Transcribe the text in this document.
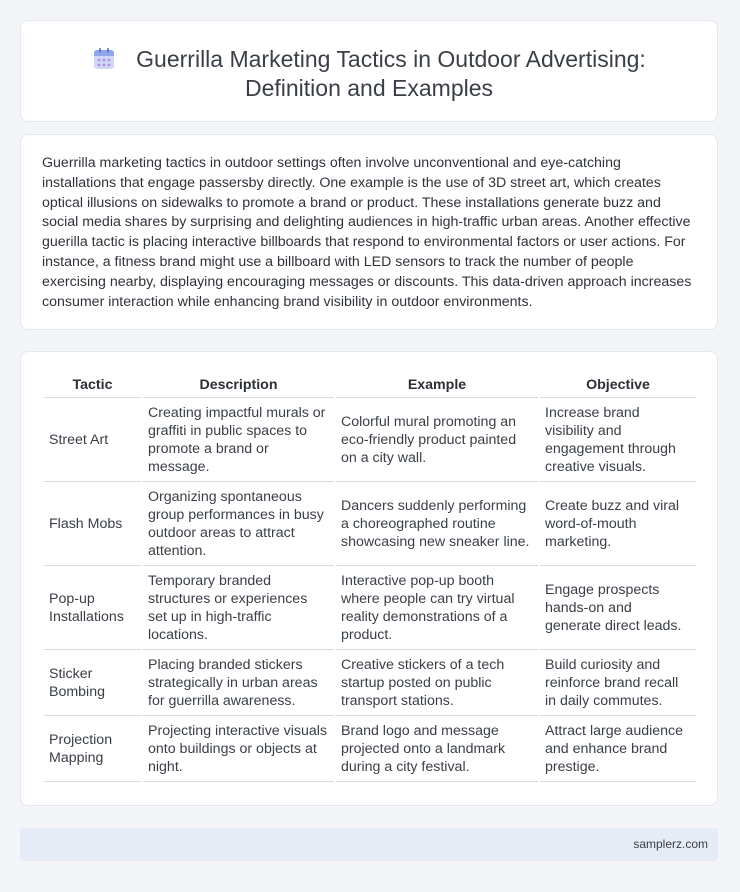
Guerrilla Marketing Tactics in Outdoor Advertising:
Definition and Examples
Guerrilla marketing tactics in outdoor settings often involve unconventional and eye-catching installations that engage passersby directly. One example is the use of 3D street art, which creates optical illusions on sidewalks to promote a brand or product. These installations generate buzz and social media shares by surprising and delighting audiences in high-traffic urban areas. Another effective guerilla tactic is placing interactive billboards that respond to environmental factors or user actions. For instance, a fitness brand might use a billboard with LED sensors to track the number of people exercising nearby, displaying encouraging messages or discounts. This data-driven approach increases consumer interaction while enhancing brand visibility in outdoor environments.
Tactic	Description	Example	Objective
Street Art	Creating impactful murals or graffiti in public spaces to promote a brand or message.	Colorful mural promoting an eco-friendly product painted on a city wall.	Increase brand visibility and engagement through creative visuals.
Flash Mobs	Organizing spontaneous group performances in busy outdoor areas to attract attention.	Dancers suddenly performing a choreographed routine showcasing new sneaker line.	Create buzz and viral word-of-mouth marketing.
Pop-up Installations	Temporary branded structures or experiences set up in high-traffic locations.	Interactive pop-up booth where people can try virtual reality demonstrations of a product.	Engage prospects hands-on and generate direct leads.
Sticker Bombing	Placing branded stickers strategically in urban areas for guerrilla awareness.	Creative stickers of a tech startup posted on public transport stations.	Build curiosity and reinforce brand recall in daily commutes.
Projection Mapping	Projecting interactive visuals onto buildings or objects at night.	Brand logo and message projected onto a landmark during a city festival.	Attract large audience and enhance brand prestige.
samplerz.com
